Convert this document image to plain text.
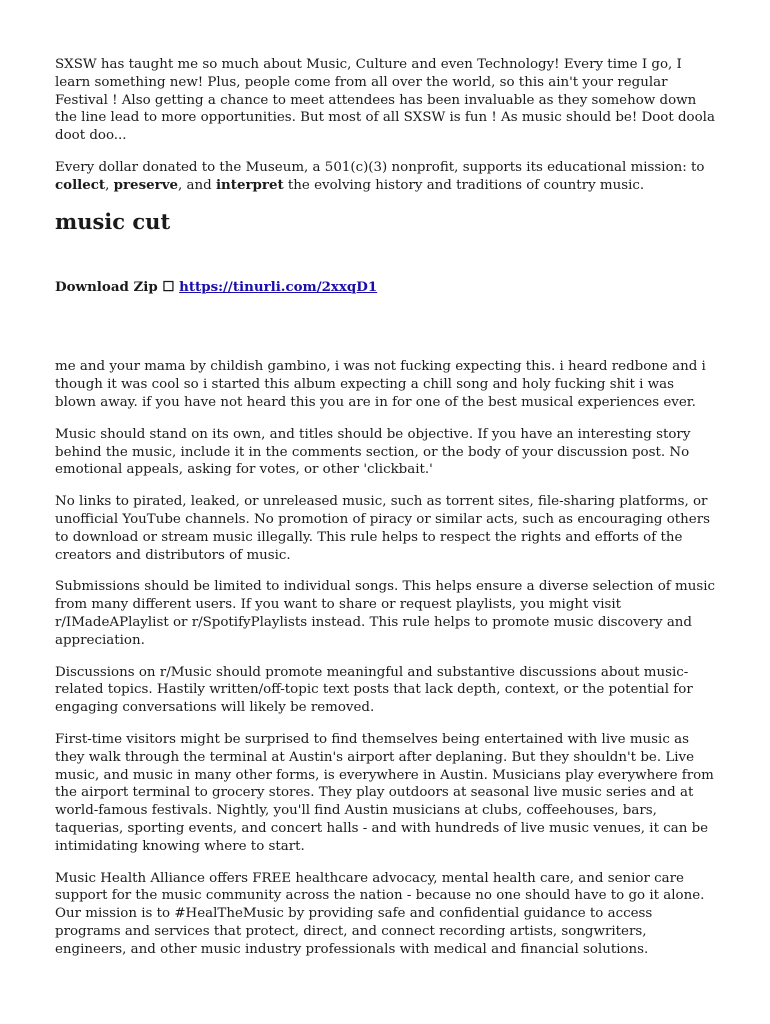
SXSW has taught me so much about Music, Culture and even Technology! Every time I go, I learn something new! Plus, people come from all over the world, so this ain't your regular Festival ! Also getting a chance to meet attendees has been invaluable as they somehow down the line lead to more opportunities. But most of all SXSW is fun ! As music should be! Doot doola doot doo...

Every dollar donated to the Museum, a 501(c)(3) nonprofit, supports its educational mission: to collect, preserve, and interpret the evolving history and traditions of country music.

music cut
Download Zip ☐ https://tinurli.com/2xxqD1

me and your mama by childish gambino, i was not fucking expecting this. i heard redbone and i though it was cool so i started this album expecting a chill song and holy fucking shit i was blown away. if you have not heard this you are in for one of the best musical experiences ever.

Music should stand on its own, and titles should be objective. If you have an interesting story behind the music, include it in the comments section, or the body of your discussion post. No emotional appeals, asking for votes, or other 'clickbait.'

No links to pirated, leaked, or unreleased music, such as torrent sites, file-sharing platforms, or unofficial YouTube channels. No promotion of piracy or similar acts, such as encouraging others to download or stream music illegally. This rule helps to respect the rights and efforts of the creators and distributors of music.

Submissions should be limited to individual songs. This helps ensure a diverse selection of music from many different users. If you want to share or request playlists, you might visit r/IMadeAPlaylist or r/SpotifyPlaylists instead. This rule helps to promote music discovery and appreciation.

Discussions on r/Music should promote meaningful and substantive discussions about music-related topics. Hastily written/off-topic text posts that lack depth, context, or the potential for engaging conversations will likely be removed.

First-time visitors might be surprised to find themselves being entertained with live music as they walk through the terminal at Austin's airport after deplaning. But they shouldn't be. Live music, and music in many other forms, is everywhere in Austin. Musicians play everywhere from the airport terminal to grocery stores. They play outdoors at seasonal live music series and at world-famous festivals. Nightly, you'll find Austin musicians at clubs, coffeehouses, bars, taquerias, sporting events, and concert halls - and with hundreds of live music venues, it can be intimidating knowing where to start.

Music Health Alliance offers FREE healthcare advocacy, mental health care, and senior care support for the music community across the nation - because no one should have to go it alone. Our mission is to #HealTheMusic by providing safe and confidential guidance to access programs and services that protect, direct, and connect recording artists, songwriters, engineers, and other music industry professionals with medical and financial solutions.
